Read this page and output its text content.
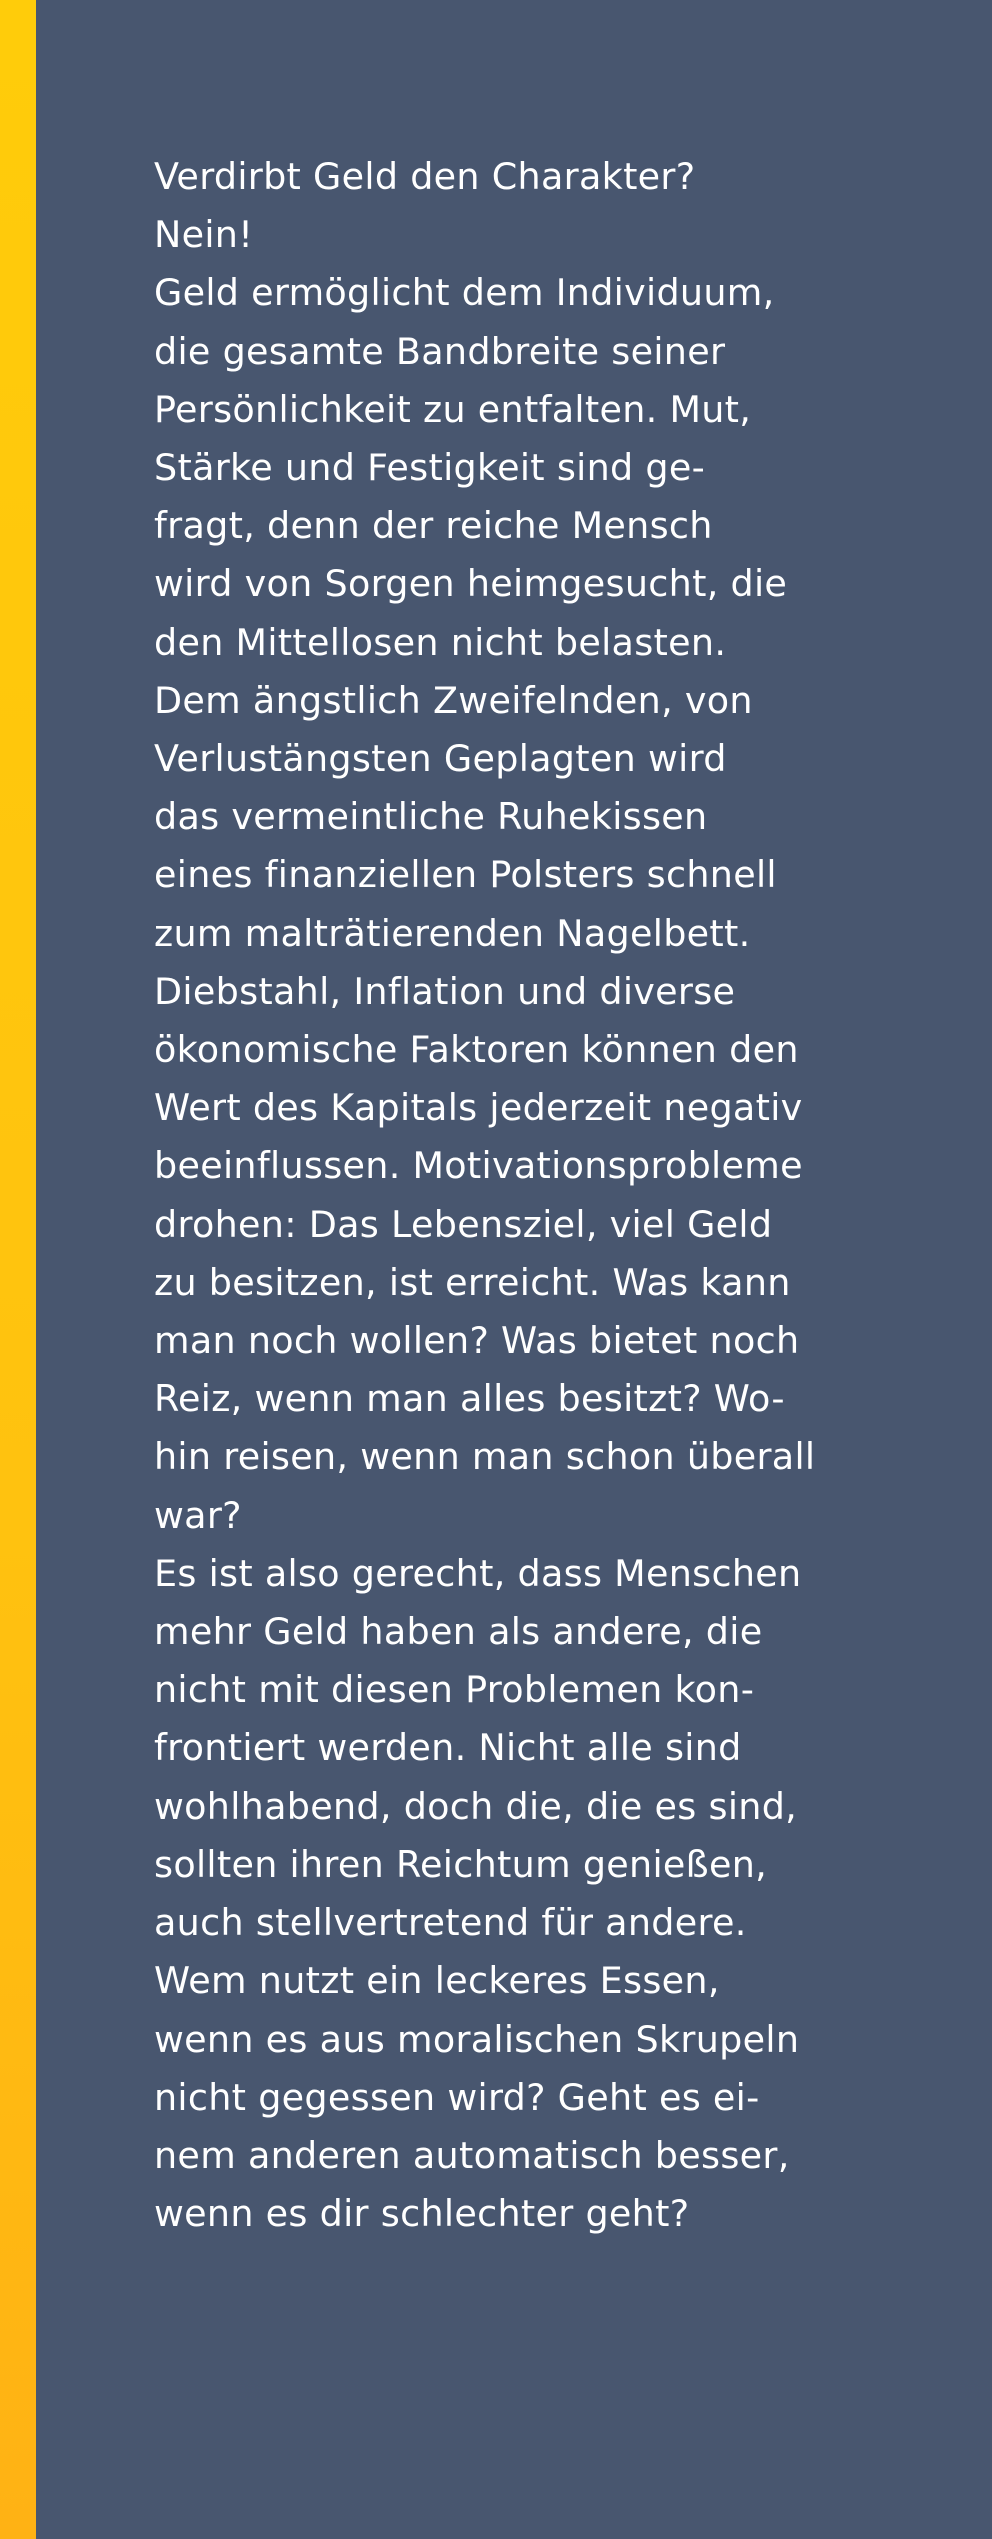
Verdirbt Geld den Charakter?
Nein!
Geld ermöglicht dem Individuum,
die gesamte Bandbreite seiner
Persönlichkeit zu entfalten. Mut,
Stärke und Festigkeit sind ge-
fragt, denn der reiche Mensch
wird von Sorgen heimgesucht, die
den Mittellosen nicht belasten.
Dem ängstlich Zweifelnden, von
Verlustängsten Geplagten wird
das vermeintliche Ruhekissen
eines finanziellen Polsters schnell
zum malträtierenden Nagelbett.
Diebstahl, Inflation und diverse
ökonomische Faktoren können den
Wert des Kapitals jederzeit negativ
beeinflussen. Motivationsprobleme
drohen: Das Lebensziel, viel Geld
zu besitzen, ist erreicht. Was kann
man noch wollen? Was bietet noch
Reiz, wenn man alles besitzt? Wo-
hin reisen, wenn man schon überall
war?
Es ist also gerecht, dass Menschen
mehr Geld haben als andere, die
nicht mit diesen Problemen kon-
frontiert werden. Nicht alle sind
wohlhabend, doch die, die es sind,
sollten ihren Reichtum genießen,
auch stellvertretend für andere.
Wem nutzt ein leckeres Essen,
wenn es aus moralischen Skrupeln
nicht gegessen wird? Geht es ei-
nem anderen automatisch besser,
wenn es dir schlechter geht?
